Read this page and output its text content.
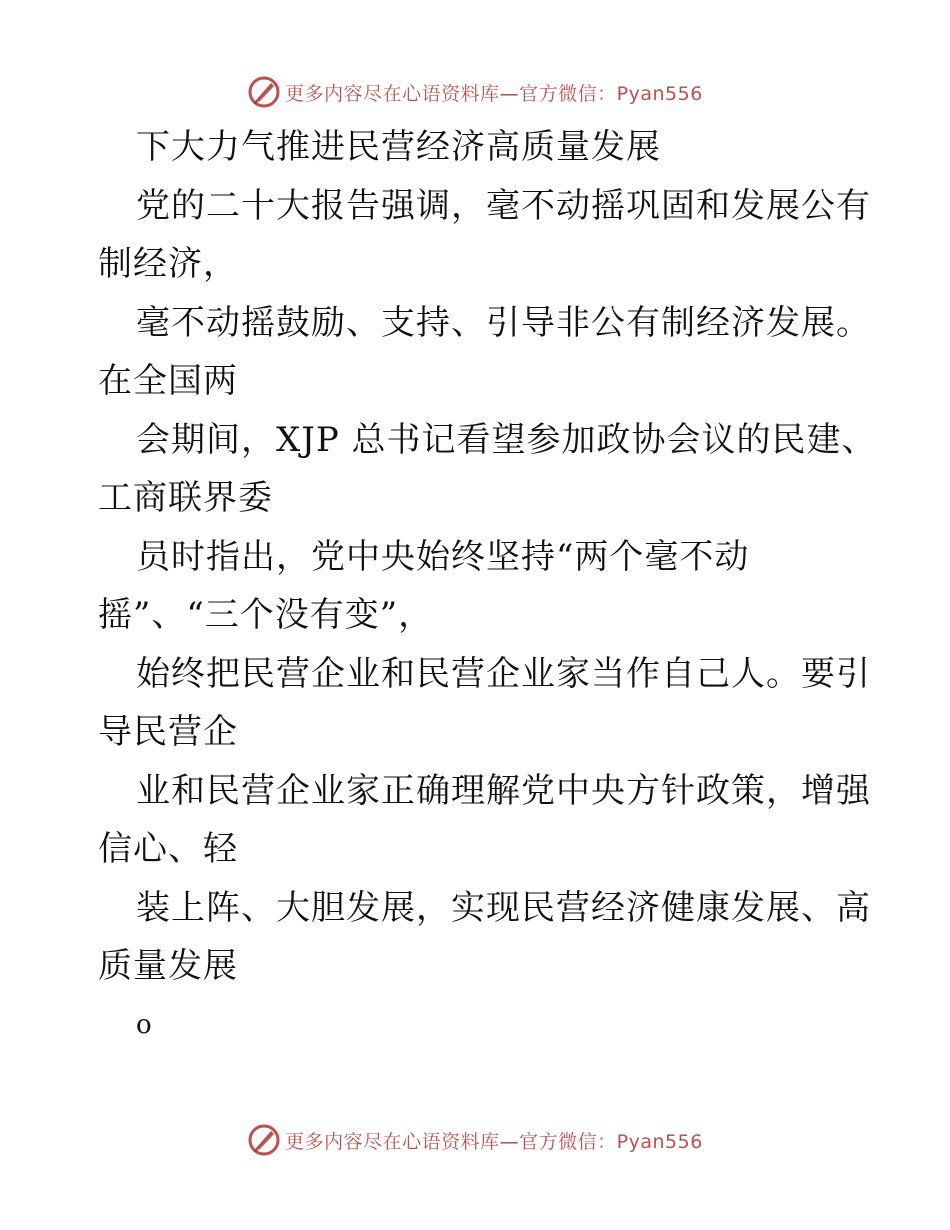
更多内容尽在心语资料库—官方微信：Pyan556
下大力气推进民营经济高质量发展
党的二十大报告强调，毫不动摇巩固和发展公有
制经济，
毫不动摇鼓励、支持、引导非公有制经济发展。
在全国两
会期间，XJP 总书记看望参加政协会议的民建、
工商联界委
员时指出，党中央始终坚持“两个毫不动
摇”、“三个没有变”，
始终把民营企业和民营企业家当作自己人。要引
导民营企
业和民营企业家正确理解党中央方针政策，增强
信心、轻
装上阵、大胆发展，实现民营经济健康发展、高
质量发展
o
更多内容尽在心语资料库—官方微信：Pyan556
